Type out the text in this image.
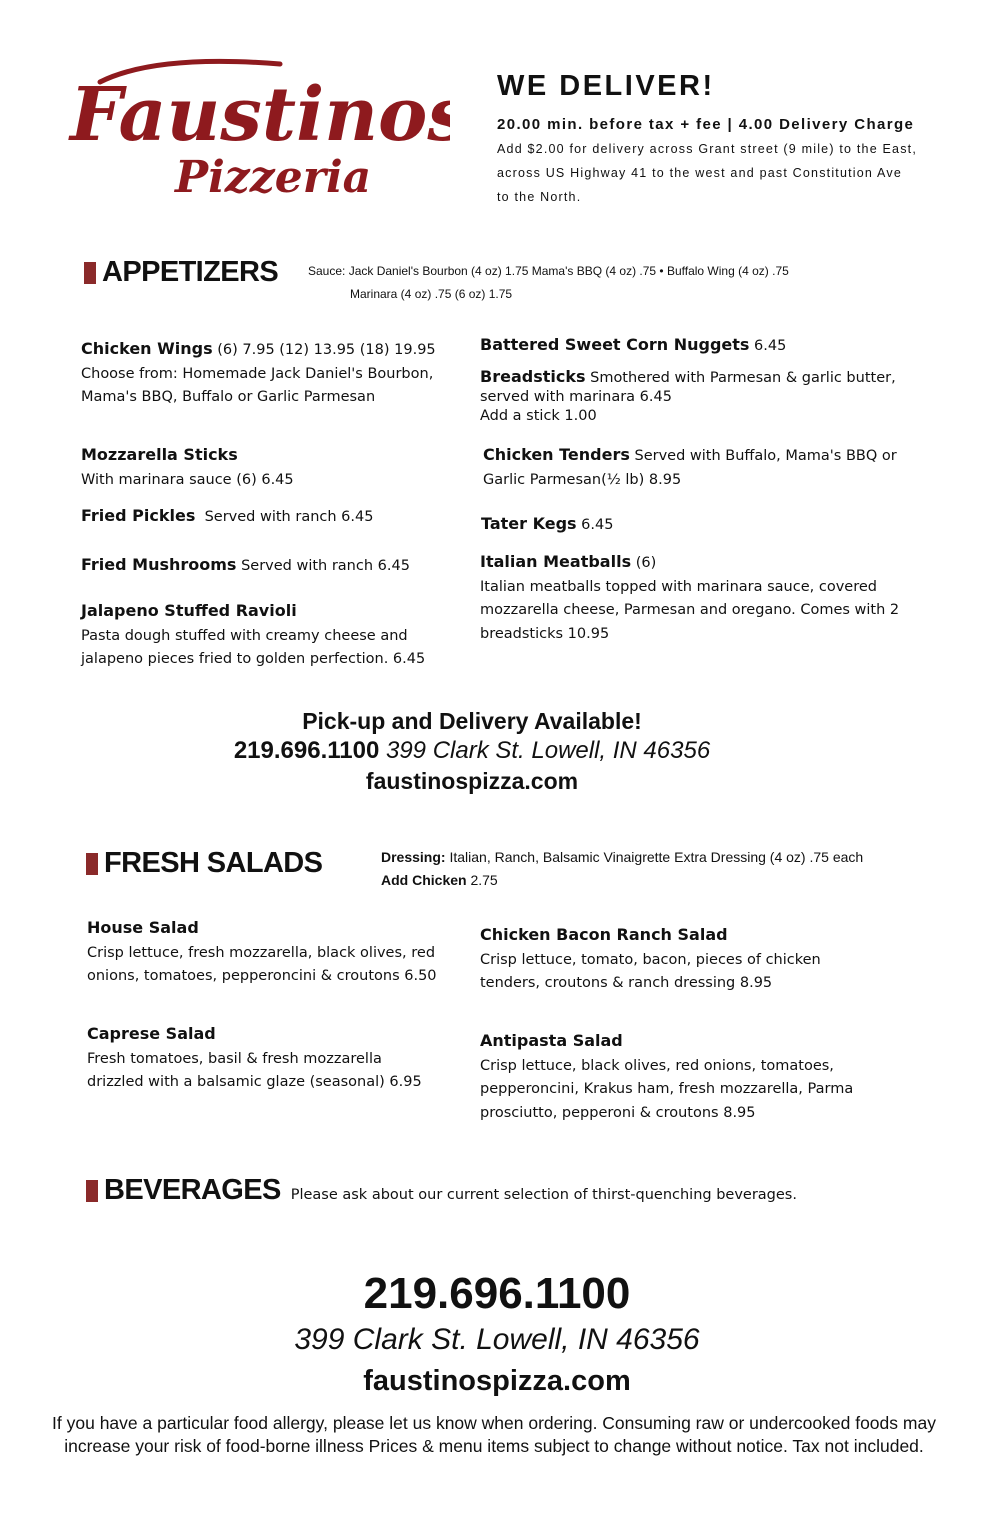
Faustinos
Pizzeria
WE DELIVER!
20.00 min. before tax + fee | 4.00 Delivery Charge Add $2.00 for delivery across Grant street (9 mile) to the East, across US Highway 41 to the west and past Constitution Ave to the North.
APPETIZERS Sauce: Jack Daniel's Bourbon (4 oz) 1.75 Mama's BBQ (4 oz) .75 • Buffalo Wing (4 oz) .75
Marinara (4 oz) .75 (6 oz) 1.75
Chicken Wings (6) 7.95 (12) 13.95 (18) 19.95
Choose from: Homemade Jack Daniel's Bourbon, Mama's BBQ, Buffalo or Garlic Parmesan
Mozzarella Sticks
With marinara sauce (6) 6.45
Fried Pickles Served with ranch 6.45
Fried Mushrooms Served with ranch 6.45
Jalapeno Stuffed Ravioli
Pasta dough stuffed with creamy cheese and jalapeno pieces fried to golden perfection. 6.45
Battered Sweet Corn Nuggets 6.45
Breadsticks Smothered with Parmesan & garlic butter, served with marinara 6.45
Add a stick 1.00
Chicken Tenders Served with Buffalo, Mama's BBQ or Garlic Parmesan(½ lb) 8.95
Tater Kegs 6.45
Italian Meatballs (6)
Italian meatballs topped with marinara sauce, covered mozzarella cheese, Parmesan and oregano. Comes with 2 breadsticks 10.95
Pick-up and Delivery Available!
219.696.1100 399 Clark St. Lowell, IN 46356
faustinospizza.com
FRESH SALADS	Dressing: Italian, Ranch, Balsamic Vinaigrette Extra Dressing (4 oz) .75 each
Add Chicken 2.75
House Salad
Crisp lettuce, fresh mozzarella, black olives, red onions, tomatoes, pepperoncini & croutons 6.50
Caprese Salad
Fresh tomatoes, basil & fresh mozzarella drizzled with a balsamic glaze (seasonal) 6.95
Chicken Bacon Ranch Salad
Crisp lettuce, tomato, bacon, pieces of chicken tenders, croutons & ranch dressing 8.95
Antipasta Salad
Crisp lettuce, black olives, red onions, tomatoes, pepperoncini, Krakus ham, fresh mozzarella, Parma prosciutto, pepperoni & croutons 8.95
BEVERAGES Please ask about our current selection of thirst-quenching beverages.
219.696.1100
399 Clark St. Lowell, IN 46356
faustinospizza.com
If you have a particular food allergy, please let us know when ordering. Consuming raw or undercooked foods may
increase your risk of food-borne illness Prices & menu items subject to change without notice. Tax not included.
